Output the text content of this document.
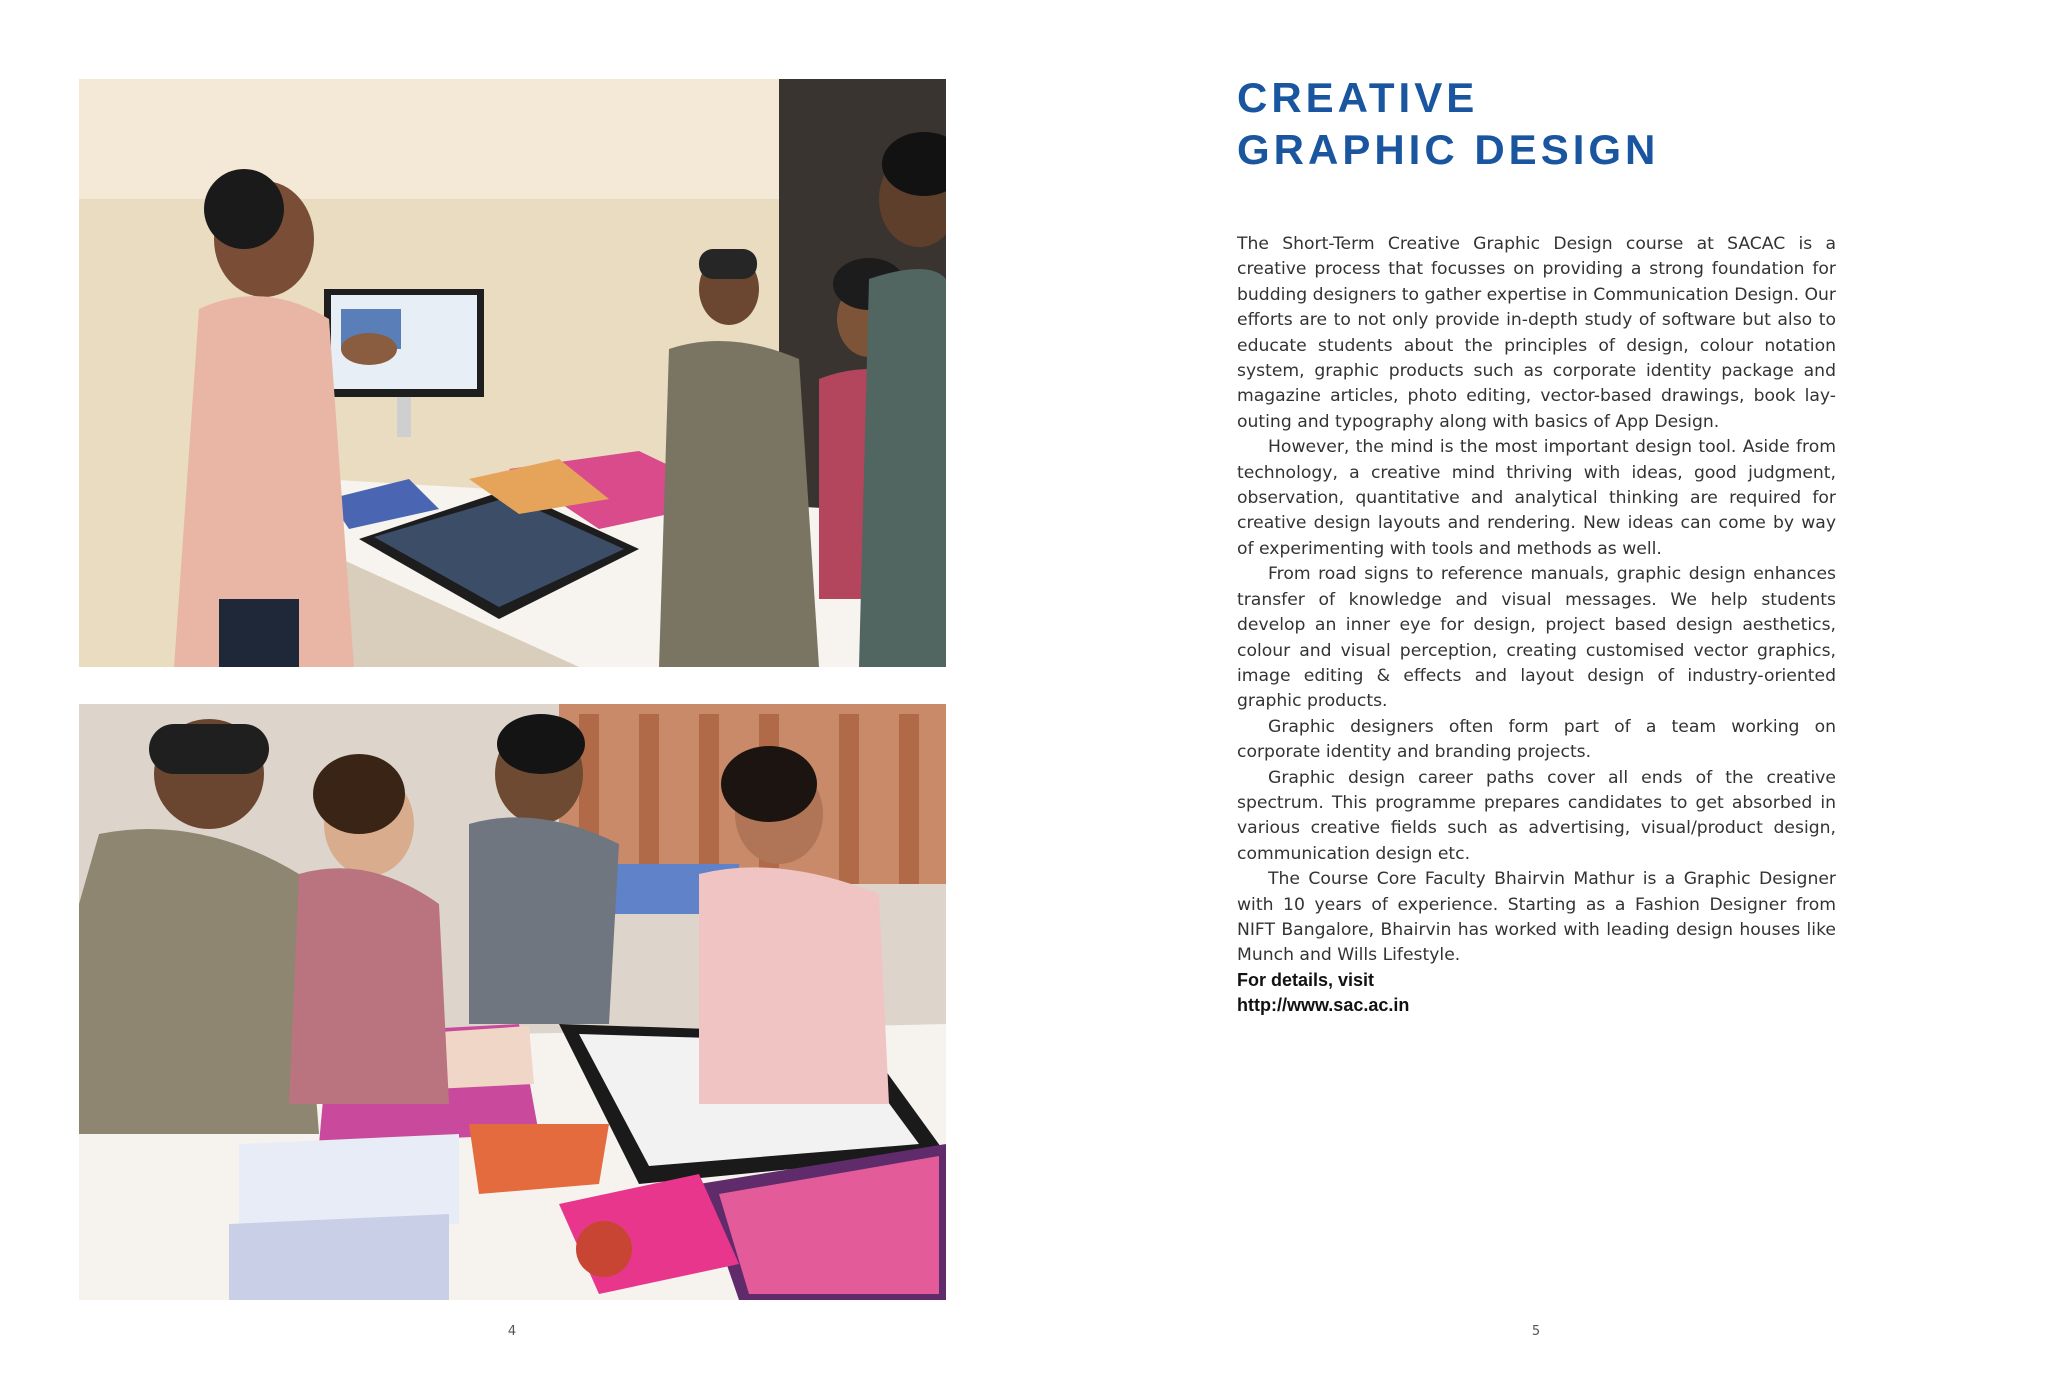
4
CREATIVE
GRAPHIC DESIGN

The Short-Term Creative Graphic Design course at SACAC is a creative process that focusses on providing a strong foundation for budding designers to gather expertise in Communication Design. Our efforts are to not only provide in-depth study of software but also to educate students about the principles of design, colour notation system, graphic products such as corporate identity package and magazine articles, photo editing, vector-based drawings, book lay-outing and typography along with basics of App Design.

However, the mind is the most important design tool. Aside from technology, a creative mind thriving with ideas, good judgment, observation, quantitative and analytical thinking are required for creative design layouts and rendering. New ideas can come by way of experimenting with tools and methods as well.

From road signs to reference manuals, graphic design enhances transfer of knowledge and visual messages. We help students develop an inner eye for design, project based design aesthetics, colour and visual perception, creating customised vector graphics, image editing & effects and layout design of industry-oriented graphic products.

Graphic designers often form part of a team working on corporate identity and branding projects.

Graphic design career paths cover all ends of the creative spectrum. This programme prepares candidates to get absorbed in various creative fields such as advertising, visual/product design, communication design etc.

The Course Core Faculty Bhairvin Mathur is a Graphic Designer with 10 years of experience. Starting as a Fashion Designer from NIFT Bangalore, Bhairvin has worked with leading design houses like Munch and Wills Lifestyle.

For details, visit
http://www.sac.ac.in
5
